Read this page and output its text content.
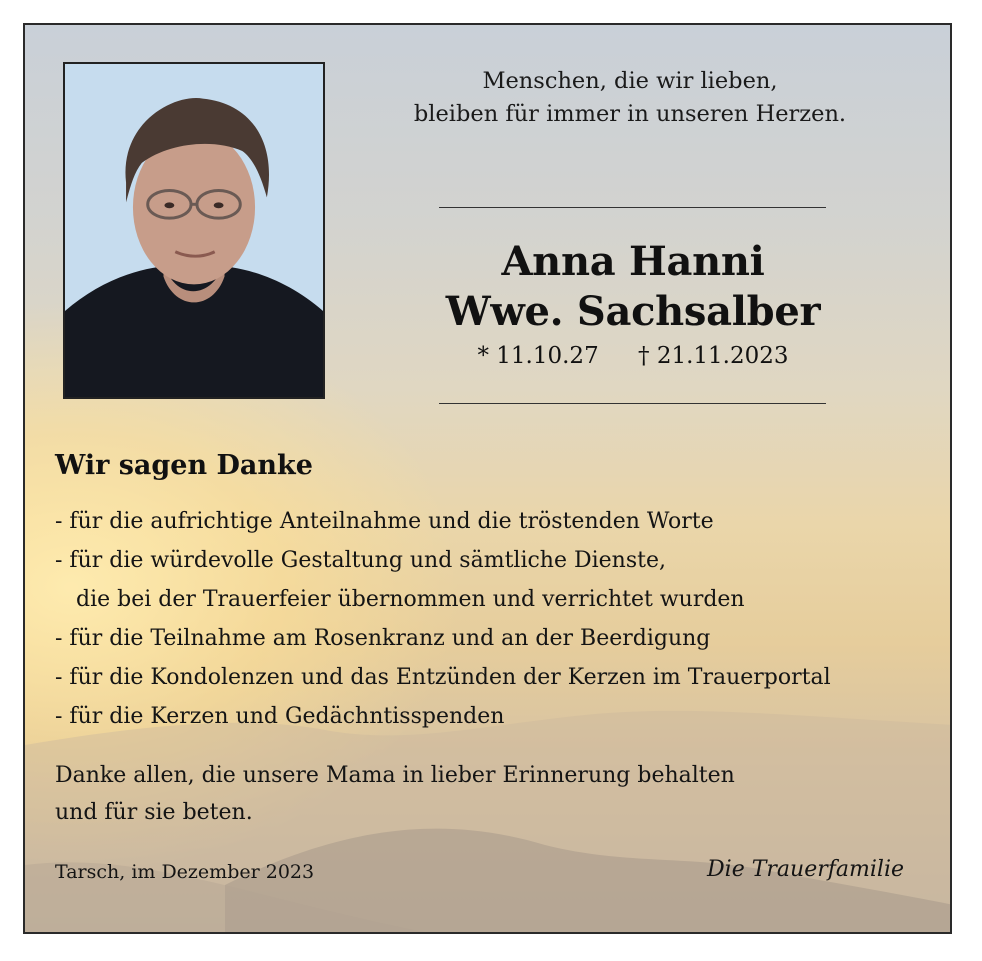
Menschen, die wir lieben,
bleiben für immer in unseren Herzen.
Anna Hanni
Wwe. Sachsalber
* 11.10.27 † 21.11.2023
Wir sagen Danke
- für die aufrichtige Anteilnahme und die tröstenden Worte
- für die würdevolle Gestaltung und sämtliche Dienste,
die bei der Trauerfeier übernommen und verrichtet wurden
- für die Teilnahme am Rosenkranz und an der Beerdigung
- für die Kondolenzen und das Entzünden der Kerzen im Trauerportal
- für die Kerzen und Gedächntisspenden
Danke allen, die unsere Mama in lieber Erinnerung behalten
und für sie beten.
Tarsch, im Dezember 2023	Die Trauerfamilie
